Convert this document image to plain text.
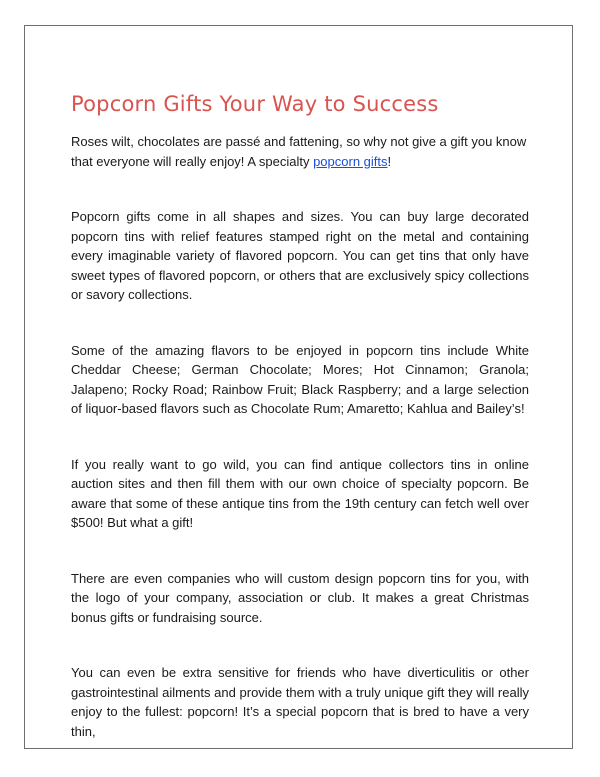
Popcorn Gifts Your Way to Success

Roses wilt, chocolates are passé and fattening, so why not give a gift you know that everyone will really enjoy! A specialty popcorn gifts!

Popcorn gifts come in all shapes and sizes. You can buy large decorated popcorn tins with relief features stamped right on the metal and containing every imaginable variety of flavored popcorn. You can get tins that only have sweet types of flavored popcorn, or others that are exclusively spicy collections or savory collections.

Some of the amazing flavors to be enjoyed in popcorn tins include White Cheddar Cheese; German Chocolate; Mores; Hot Cinnamon; Granola; Jalapeno; Rocky Road; Rainbow Fruit; Black Raspberry; and a large selection of liquor-based flavors such as Chocolate Rum; Amaretto; Kahlua and Bailey’s!

If you really want to go wild, you can find antique collectors tins in online auction sites and then fill them with our own choice of specialty popcorn. Be aware that some of these antique tins from the 19th century can fetch well over $500! But what a gift!

There are even companies who will custom design popcorn tins for you, with the logo of your company, association or club. It makes a great Christmas bonus gifts or fundraising source.

You can even be extra sensitive for friends who have diverticulitis or other gastrointestinal ailments and provide them with a truly unique gift they will really enjoy to the fullest: popcorn! It’s a special popcorn that is bred to have a very thin,
